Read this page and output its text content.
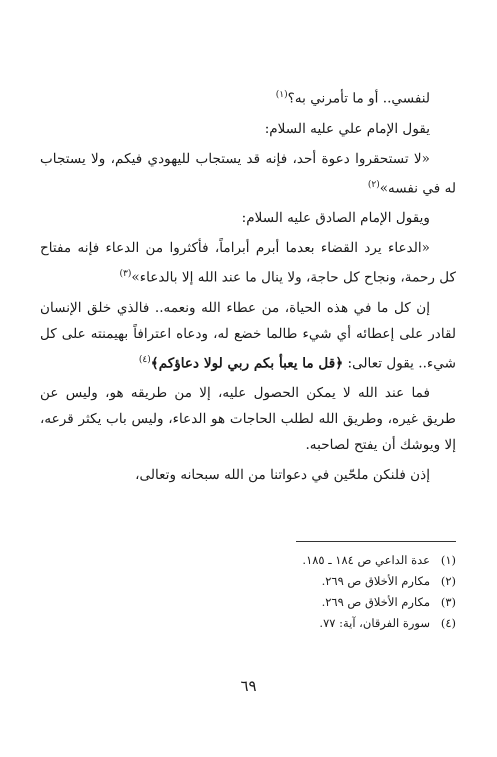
لنفسي.. أو ما تأمرني به؟$^{(١)}$

يقول الإمام علي عليه السلام:

«لا تستحقروا دعوة أحد، فإنه قد يستجاب لليهودي فيكم، ولا يستجاب له في نفسه»$^{(٢)}$

ويقول الإمام الصادق عليه السلام:

«الدعاء يرد القضاء بعدما أبرم أبراماً، فأكثروا من الدعاء فإنه مفتاح كل رحمة، ونجاح كل حاجة، ولا ينال ما عند الله إلا بالدعاء»$^{(٣)}$

إن كل ما في هذه الحياة، من عطاء الله ونعمه.. فالذي خلق الإنسان لقادر على إعطائه أي شيء طالما خضع له، ودعاه اعترافاً بهيمنته على كل شيء.. يقول تعالى: ﴿قل ما يعبأ بكم ربي لولا دعاؤكم﴾$^{(٤)}$

فما عند الله لا يمكن الحصول عليه، إلا من طريقه هو، وليس عن طريق غيره، وطريق الله لطلب الحاجات هو الدعاء، وليس باب يكثر قرعه، إلا ويوشك أن يفتح لصاحبه.

إذن فلنكن ملحّين في دعواتنا من الله سبحانه وتعالى،

(١)عدة الداعي ص ١٨٤ ـ ١٨٥.

(٢)مكارم الأخلاق ص ٢٦٩.

(٣)مكارم الأخلاق ص ٢٦٩.

(٤)سورة الفرقان، آية: ٧٧.

٦٩
